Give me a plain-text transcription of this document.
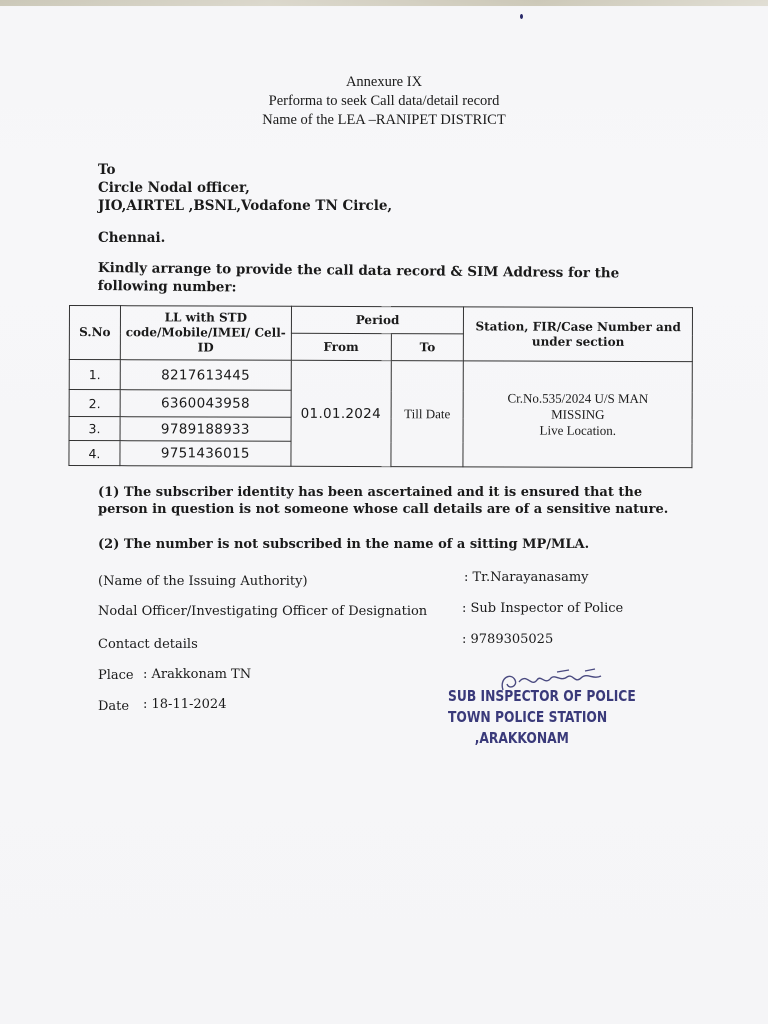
Annexure IX
Performa to seek Call data/detail record
Name of the LEA –RANIPET DISTRICT
To
Circle Nodal officer,
JIO,AIRTEL ,BSNL,Vodafone TN Circle,
Chennai.
Kindly arrange to provide the call data record & SIM Address for the following number:
S.No	LL with STD code/Mobile/IMEI/ Cell-ID	Period		Station, FIR/Case Number and under section
		From	To	
1.	8217613445	01.01.2024	Till Date	Cr.No.535/2024 U/S MAN
MISSING
Live Location.

2.	6360043958			
3.	9789188933			
4.	9751436015			
(1) The subscriber identity has been ascertained and it is ensured that the person in question is not someone whose call details are of a sensitive nature.
(2) The number is not subscribed in the name of a sitting MP/MLA.
(Name of the Issuing Authority)	: Tr.Narayanasamy
Nodal Officer/Investigating Officer of Designation	: Sub Inspector of Police
Contact details	: 9789305025
Place : Arakkonam TN
Date : 18-11-2024	SUB INSPECTOR OF POLICE
TOWN POLICE STATION
,ARAKKONAM
